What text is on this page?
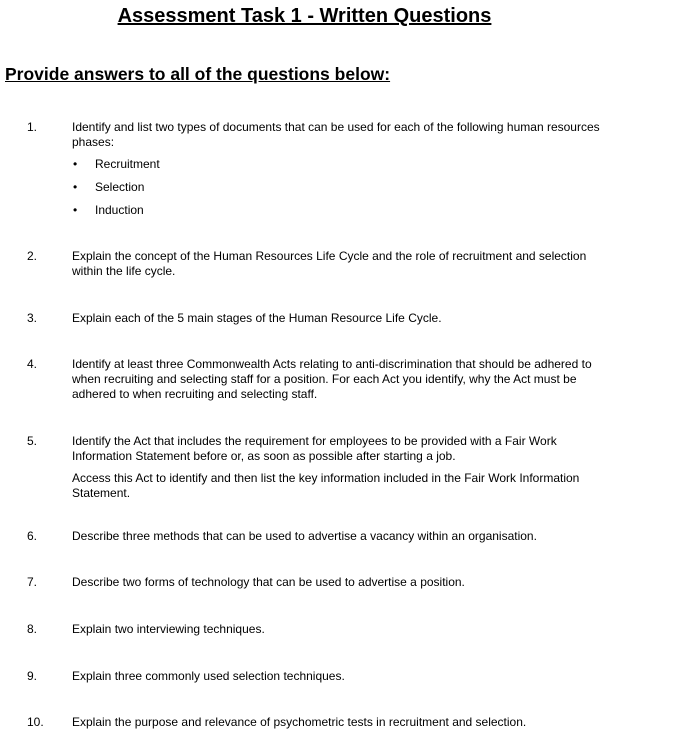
Assessment Task 1 - Written Questions
Provide answers to all of the questions below:
1.	Identify and list two types of documents that can be used for each of the following human resources phases:

• Recruitment
• Selection
• Induction
2.	Explain the concept of the Human Resources Life Cycle and the role of recruitment and selection within the life cycle.

3.	Explain each of the 5 main stages of the Human Resource Life Cycle.

4.	Identify at least three Commonwealth Acts relating to anti-discrimination that should be adhered to when recruiting and selecting staff for a position. For each Act you identify, why the Act must be adhered to when recruiting and selecting staff.

5.	Identify the Act that includes the requirement for employees to be provided with a Fair Work Information Statement before or, as soon as possible after starting a job.

Access this Act to identify and then list the key information included in the Fair Work Information Statement.

6.	Describe three methods that can be used to advertise a vacancy within an organisation.

7.	Describe two forms of technology that can be used to advertise a position.

8.	Explain two interviewing techniques.

9.	Explain three commonly used selection techniques.

10. Explain the purpose and relevance of psychometric tests in recruitment and selection.
